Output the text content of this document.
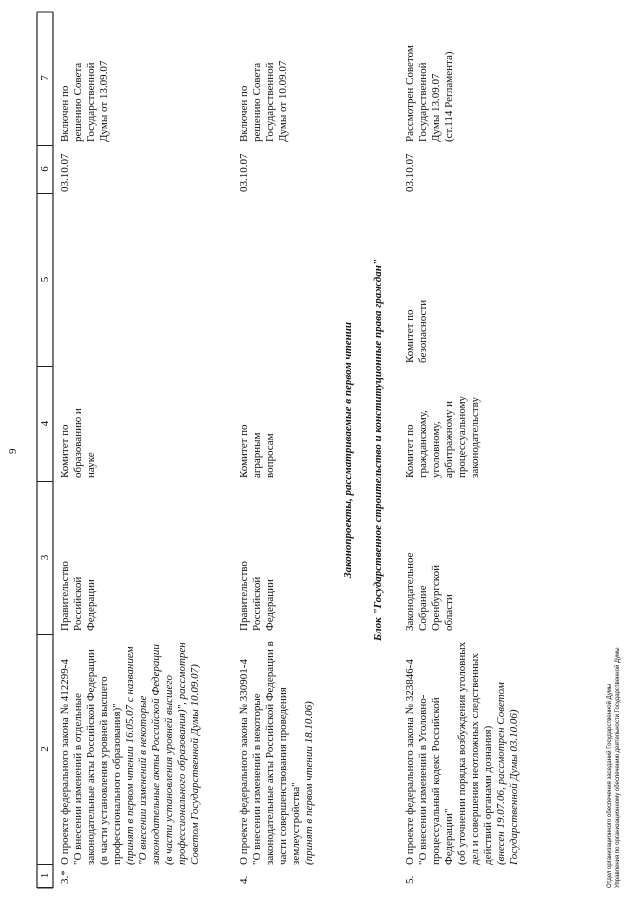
9
1
2
3
4
5
6
7
3.*
О проекте федерального закона № 412299-4 "О внесении изменений в отдельные законодательные акты Российской Федерации (в части установления уровней высшего профессионального образования)" (принят в первом чтении 16.05.07 с названием "О внесении изменений в некоторые законодательные акты Российской Федерации (в части установления уровней высшего профессионального образования)", рассмотрен Советом Государственной Думы 10.09.07)
Правительство Российской Федерации
Комитет по образованию и науке
03.10.07
Включен по решению Совета Государственной Думы от 13.09.07
4.
О проекте федерального закона № 330901-4 "О внесении изменений в некоторые законодательные акты Российской Федерации в части совершенствования проведения землеустройства" (принят в первом чтении 18.10.06)
Правительство Российской Федерации
Комитет по аграрным вопросам
03.10.07
Включен по решению Совета Государственной Думы от 10.09.07
Законопроекты, рассматриваемые в первом чтении Блок "Государственное строительство и конституционные права граждан"
5.
О проекте федерального закона № 323846-4 "О внесении изменений в Уголовно- процессуальный кодекс Российской Федерации" (об уточнении порядка возбуждения уголовных дел и совершения неотложных следственных действий органами дознания) (внесен 19.07.06, рассмотрен Советом Государственной Думы 03.10.06)
Законодательное Собрание Оренбургской области
Комитет по гражданскому, уголовному, арбитражному и процессуальному законодательству
Комитет по безопасности
03.10.07
Рассмотрен Советом Государственной Думы 13.09.07 (ст.114 Регламента)
Отдел организационного обеспечения заседаний Государственной Думы Управления по организационному обеспечению деятельности Государственной Думы
